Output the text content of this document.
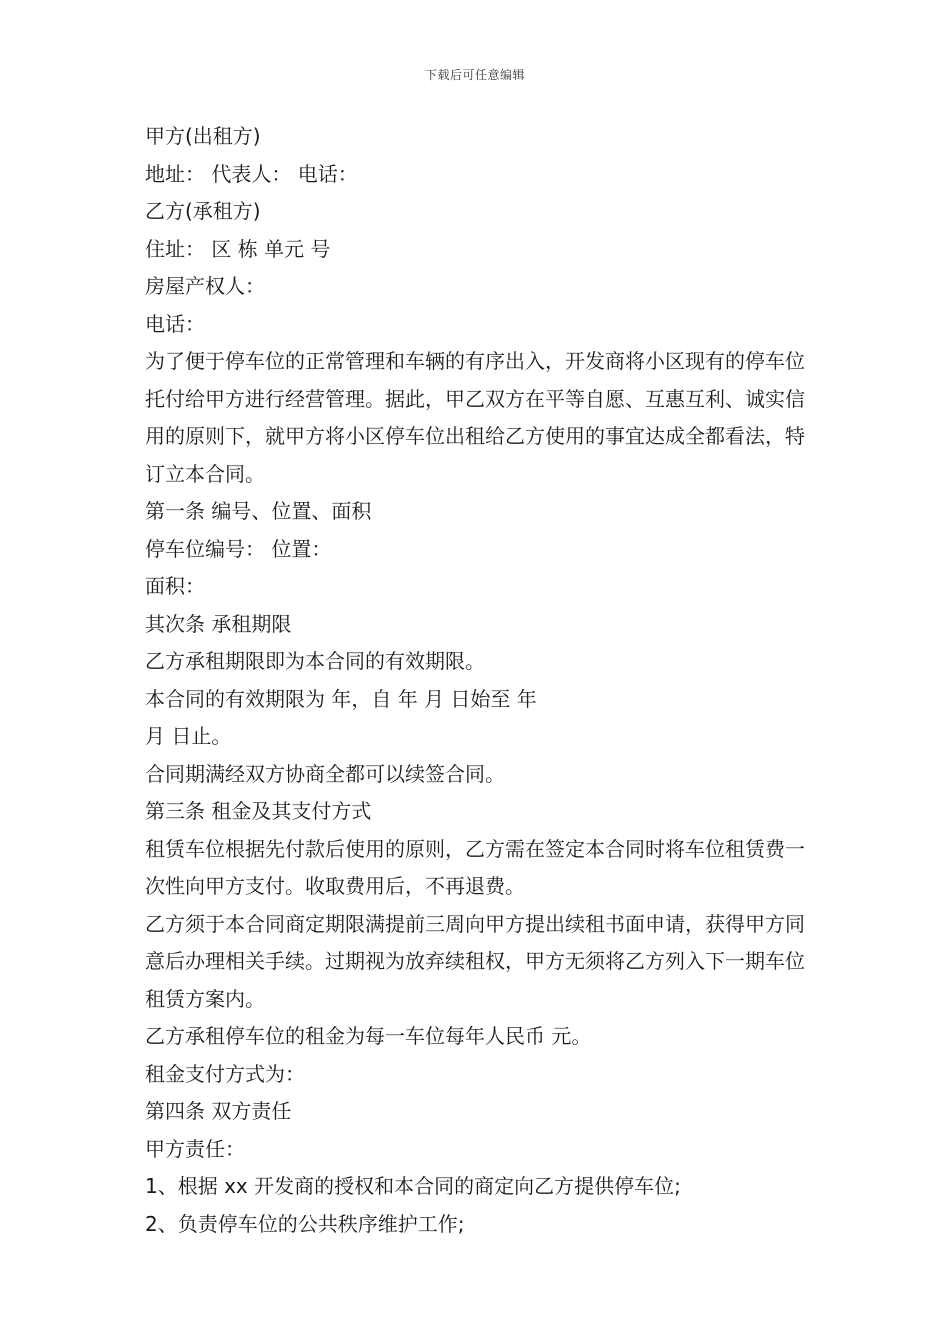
下载后可任意编辑

甲方(出租方)

地址： 代表人： 电话：

乙方(承租方)

住址： 区 栋 单元 号

房屋产权人：

电话：

为了便于停车位的正常管理和车辆的有序出入，开发商将小区现有的停车位托付给甲方进行经营管理。据此，甲乙双方在平等自愿、互惠互利、诚实信用的原则下，就甲方将小区停车位出租给乙方使用的事宜达成全都看法，特订立本合同。

第一条 编号、位置、面积

停车位编号： 位置：

面积：

其次条 承租期限

乙方承租期限即为本合同的有效期限。

本合同的有效期限为 年，自 年 月 日始至 年

月 日止。

合同期满经双方协商全都可以续签合同。

第三条 租金及其支付方式

租赁车位根据先付款后使用的原则，乙方需在签定本合同时将车位租赁费一次性向甲方支付。收取费用后，不再退费。

乙方须于本合同商定期限满提前三周向甲方提出续租书面申请，获得甲方同意后办理相关手续。过期视为放弃续租权，甲方无须将乙方列入下一期车位租赁方案内。

乙方承租停车位的租金为每一车位每年人民币 元。

租金支付方式为：

第四条 双方责任

甲方责任：

1、根据 xx 开发商的授权和本合同的商定向乙方提供停车位;

2、负责停车位的公共秩序维护工作;
